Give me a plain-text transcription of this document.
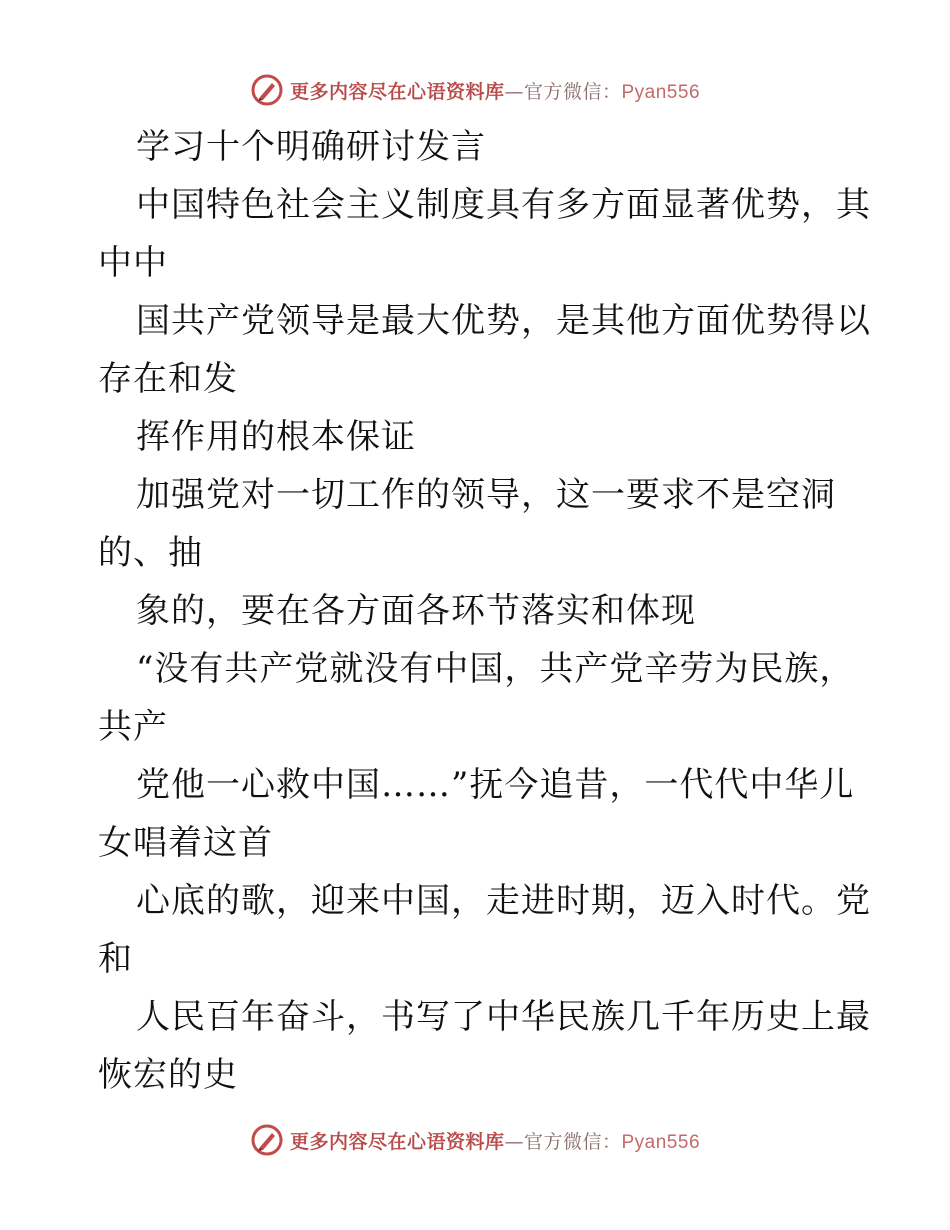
更多内容尽在心语资料库—官方微信：Pyan556
学习十个明确研讨发言
中国特色社会主义制度具有多方面显著优势，其
中中
国共产党领导是最大优势，是其他方面优势得以
存在和发
挥作用的根本保证
加强党对一切工作的领导，这一要求不是空洞
的、抽
象的，要在各方面各环节落实和体现
“没有共产党就没有中国，共产党辛劳为民族，
共产
党他一心救中国……”抚今追昔，一代代中华儿
女唱着这首
心底的歌，迎来中国，走进时期，迈入时代。党
和
人民百年奋斗，书写了中华民族几千年历史上最
恢宏的史
更多内容尽在心语资料库—官方微信：Pyan556
